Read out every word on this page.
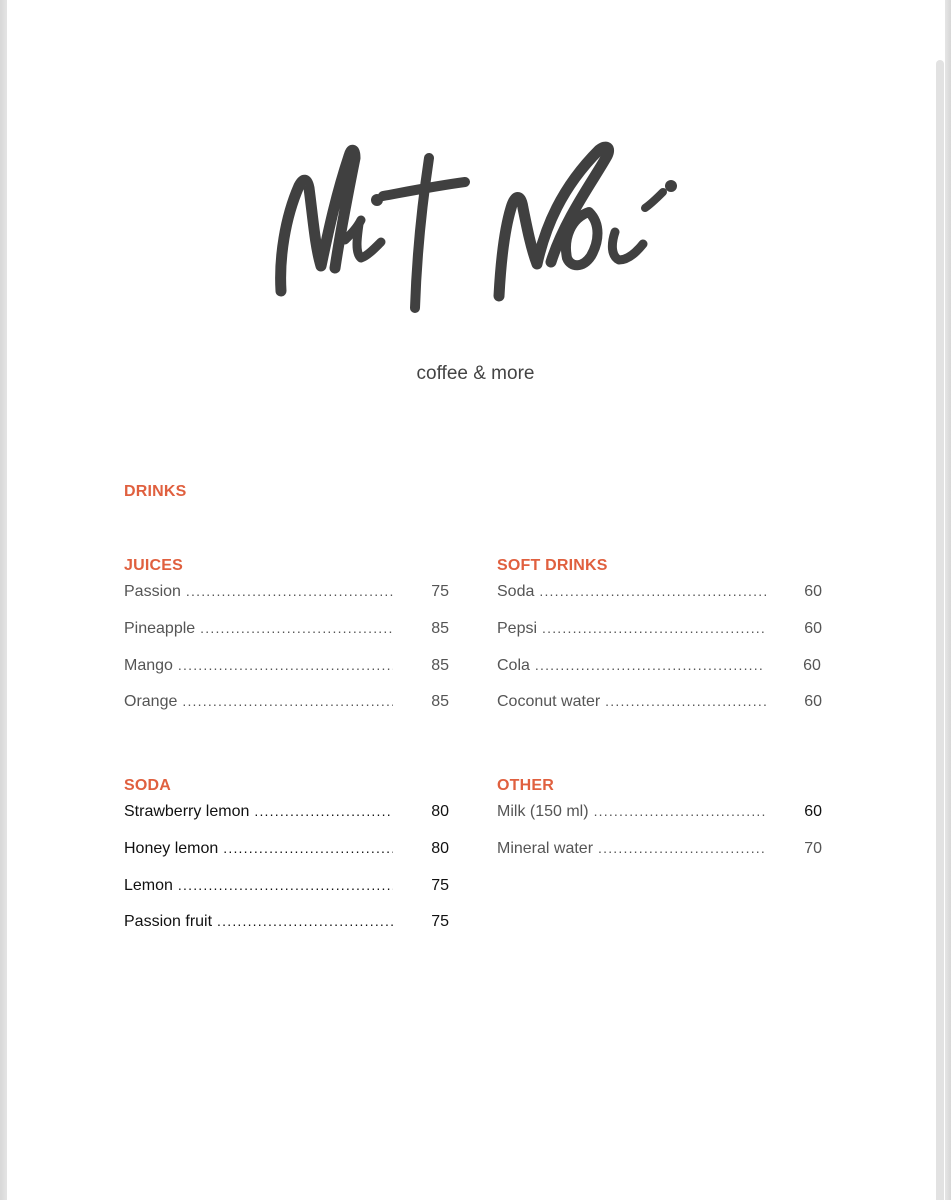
coffee & more
DRINKS
JUICES
Passion .....	75
Pineapple .....	85
Mango .....	85
Orange .....	85
SOFT DRINKS
Soda .....	60
Pepsi .....	60
Cola .....	60
Coconut water .....	60
SODA
Strawberry lemon .....	80
Honey lemon .....	80
Lemon .....	75
Passion fruit .....	75
OTHER
Milk (150 ml) .....	60
Mineral water .....	70
